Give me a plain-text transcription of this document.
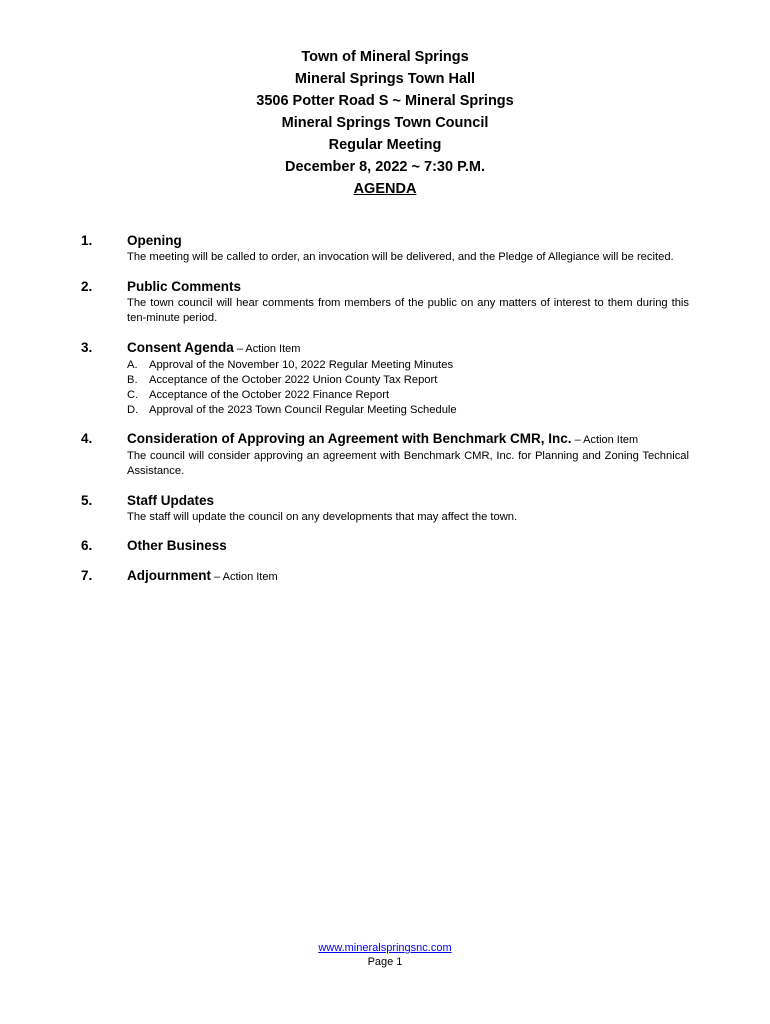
Town of Mineral Springs
Mineral Springs Town Hall
3506 Potter Road S ~ Mineral Springs
Mineral Springs Town Council
Regular Meeting
December 8, 2022 ~ 7:30 P.M.
AGENDA
1.	Opening
The meeting will be called to order, an invocation will be delivered, and the Pledge of Allegiance will be recited.
2.	Public Comments
The town council will hear comments from members of the public on any matters of interest to them during this ten-minute period.
3.	Consent Agenda – Action Item
A.	Approval of the November 10, 2022 Regular Meeting Minutes
B.	Acceptance of the October 2022 Union County Tax Report
C. Acceptance of the October 2022 Finance Report
D. Approval of the 2023 Town Council Regular Meeting Schedule
4.	Consideration of Approving an Agreement with Benchmark CMR, Inc. – Action Item
The council will consider approving an agreement with Benchmark CMR, Inc. for Planning and Zoning Technical Assistance.
5.	Staff Updates
The staff will update the council on any developments that may affect the town.
6.	Other Business
7.	Adjournment – Action Item
www.mineralspringsnc.com
Page 1
